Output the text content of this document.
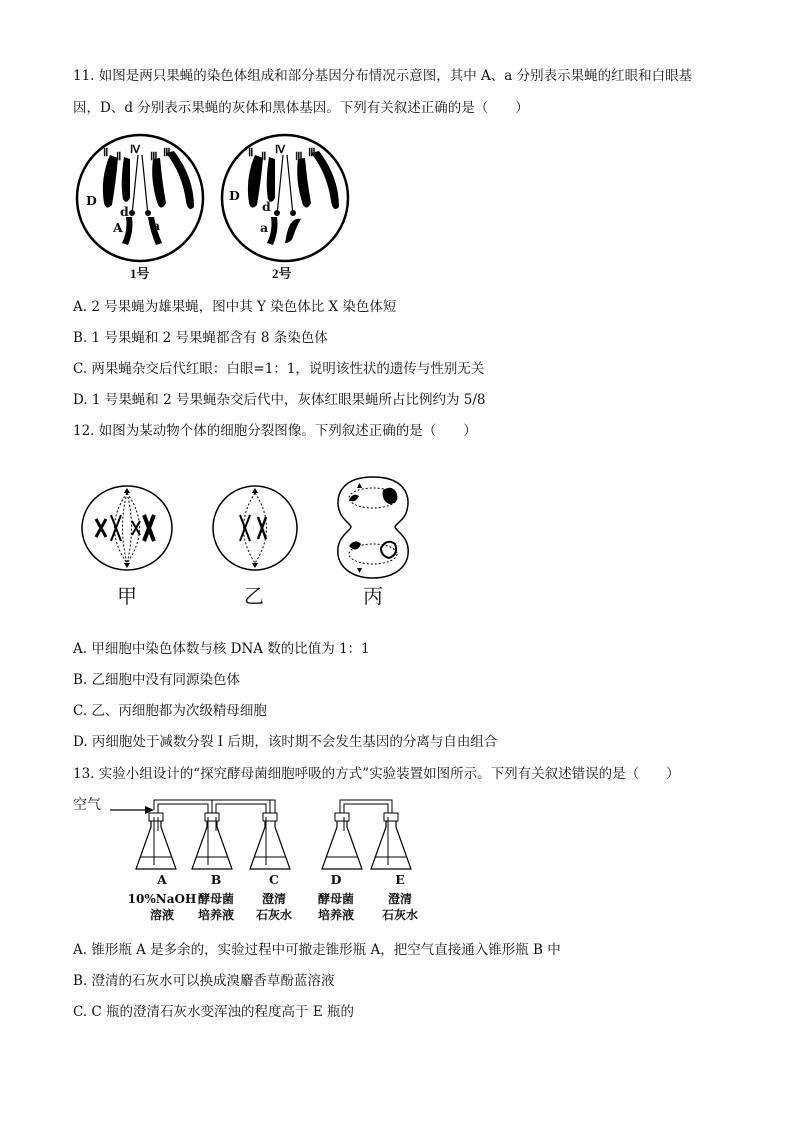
11. 如图是两只果蝇的染色体组成和部分基因分布情况示意图，其中 A、a 分别表示果蝇的红眼和白眼基
因，D、d 分别表示果蝇的灰体和黑体基因。下列有关叙述正确的是（　　）
Ⅱ Ⅱ
Ⅳ
Ⅲ Ⅲ
D
d
A a
1号
Ⅱ Ⅱ
Ⅳ
Ⅲ Ⅲ
D
d
a
2号
A. 2 号果蝇为雄果蝇，图中其 Y 染色体比 X 染色体短
B. 1 号果蝇和 2 号果蝇都含有 8 条染色体
C. 两果蝇杂交后代红眼：白眼=1：1，说明该性状的遗传与性别无关
D. 1 号果蝇和 2 号果蝇杂交后代中，灰体红眼果蝇所占比例约为 5/8
12. 如图为某动物个体的细胞分裂图像。下列叙述正确的是（　　）
甲	乙	丙
A. 甲细胞中染色体数与核 DNA 数的比值为 1：1
B. 乙细胞中没有同源染色体
C. 乙、丙细胞都为次级精母细胞
D. 丙细胞处于减数分裂 I 后期，该时期不会发生基因的分离与自由组合
13. 实验小组设计的“探究酵母菌细胞呼吸的方式”实验装置如图所示。下列有关叙述错误的是（　　）
空气
A
10%NaOH
溶液
B
酵母菌
培养液
C
澄清
石灰水
D
酵母菌
培养液
E
澄清
石灰水
A. 锥形瓶 A 是多余的，实验过程中可撤走锥形瓶 A，把空气直接通入锥形瓶 B 中
B. 澄清的石灰水可以换成溴麝香草酚蓝溶液
C. C 瓶的澄清石灰水变浑浊的程度高于 E 瓶的
